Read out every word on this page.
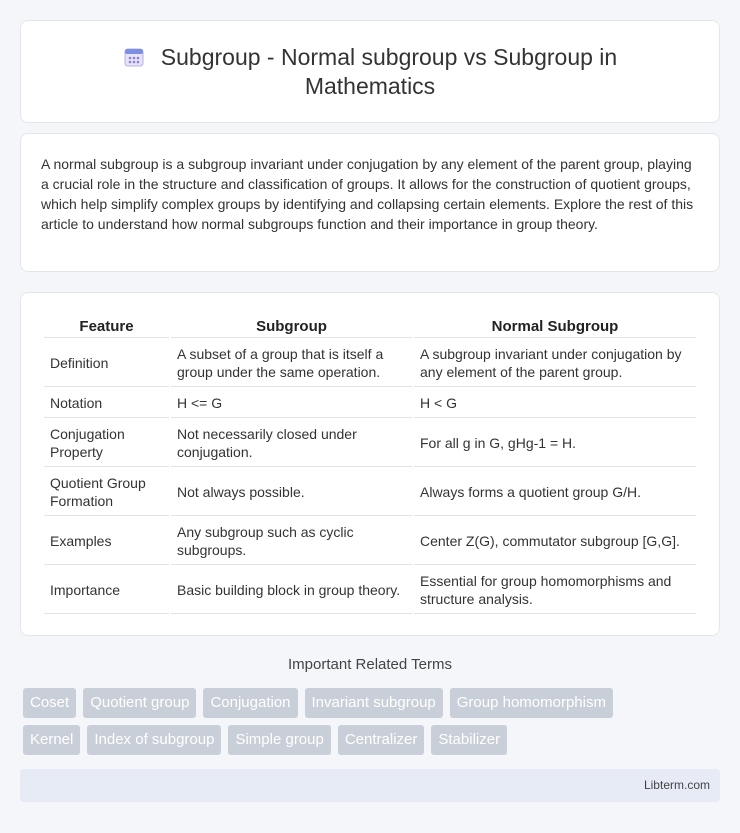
Subgroup - Normal subgroup vs Subgroup in Mathematics

A normal subgroup is a subgroup invariant under conjugation by any element of the parent group, playing a crucial role in the structure and classification of groups. It allows for the construction of quotient groups, which help simplify complex groups by identifying and collapsing certain elements. Explore the rest of this article to understand how normal subgroups function and their importance in group theory.

Feature	Subgroup	Normal Subgroup
Definition	A subset of a group that is itself a group under the same operation.	A subgroup invariant under conjugation by any element of the parent group.
Notation	H <= G	H < G
Conjugation Property	Not necessarily closed under conjugation.	For all g in G, gHg-1 = H.
Quotient Group Formation	Not always possible.	Always forms a quotient group G/H.
Examples	Any subgroup such as cyclic subgroups.	Center Z(G), commutator subgroup [G,G].
Importance	Basic building block in group theory.	Essential for group homomorphisms and structure analysis.
Important Related Terms
Coset	Quotient group	Conjugation	Invariant subgroup	Group homomorphism
Kernel	Index of subgroup	Simple group	Centralizer	Stabilizer
Libterm.com
